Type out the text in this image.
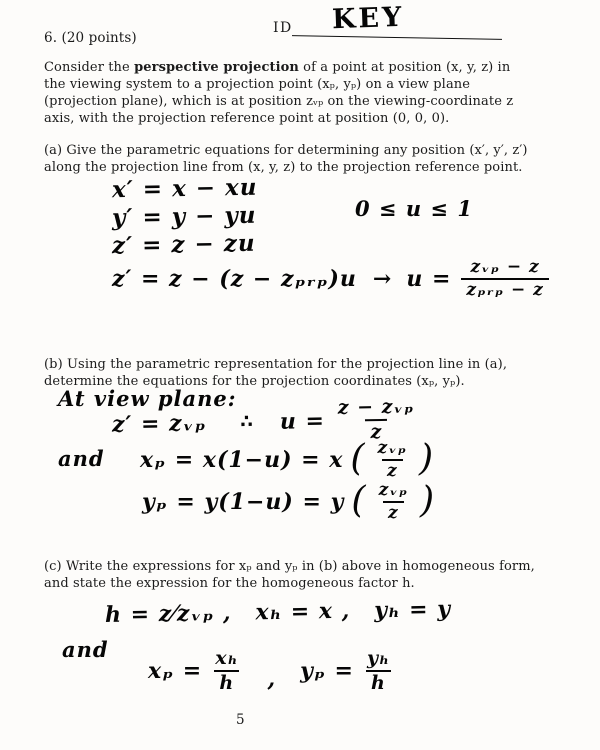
ID KEY
6. (20 points)

Consider the perspective projection of a point at position (x, y, z) in the viewing system to a projection point (xₚ, yₚ) on a view plane (projection plane), which is at position zᵥₚ on the viewing-coordinate z axis, with the projection reference point at position (0, 0, 0).

(a) Give the parametric equations for determining any position (x′, y′, z′) along the projection line from (x, y, z) to the projection reference point.

x′ = x − xu
y′ = y − yu	0 ≤ u ≤ 1
z′ = z − zu
z′ = z − (z − zₚᵣₚ)u → $u = \frac{\text{zᵥₚ − z}}{\text{zₚᵣₚ − z}}$

(b) Using the parametric representation for the projection line in (a), determine the equations for the projection coordinates (xₚ, yₚ).

At view plane:
z′ = zᵥₚ ∴ $u = \frac{\text{z − zᵥₚ}}{z}$
and xₚ = x(1−u) = x ( $\frac{\text{zᵥₚ}}{z}$ )
yₚ = y(1−u) = y ( $\frac{\text{zᵥₚ}}{z}$ )

(c) Write the expressions for xₚ and yₚ in (b) above in homogeneous form, and state the expression for the homogeneous factor h.

h = z⁄zᵥₚ , xₕ = x , yₕ = y
and
$x_p = \frac{\text{xₕ}}{h}$ , $y_p = \frac{\text{yₕ}}{h}$
5
